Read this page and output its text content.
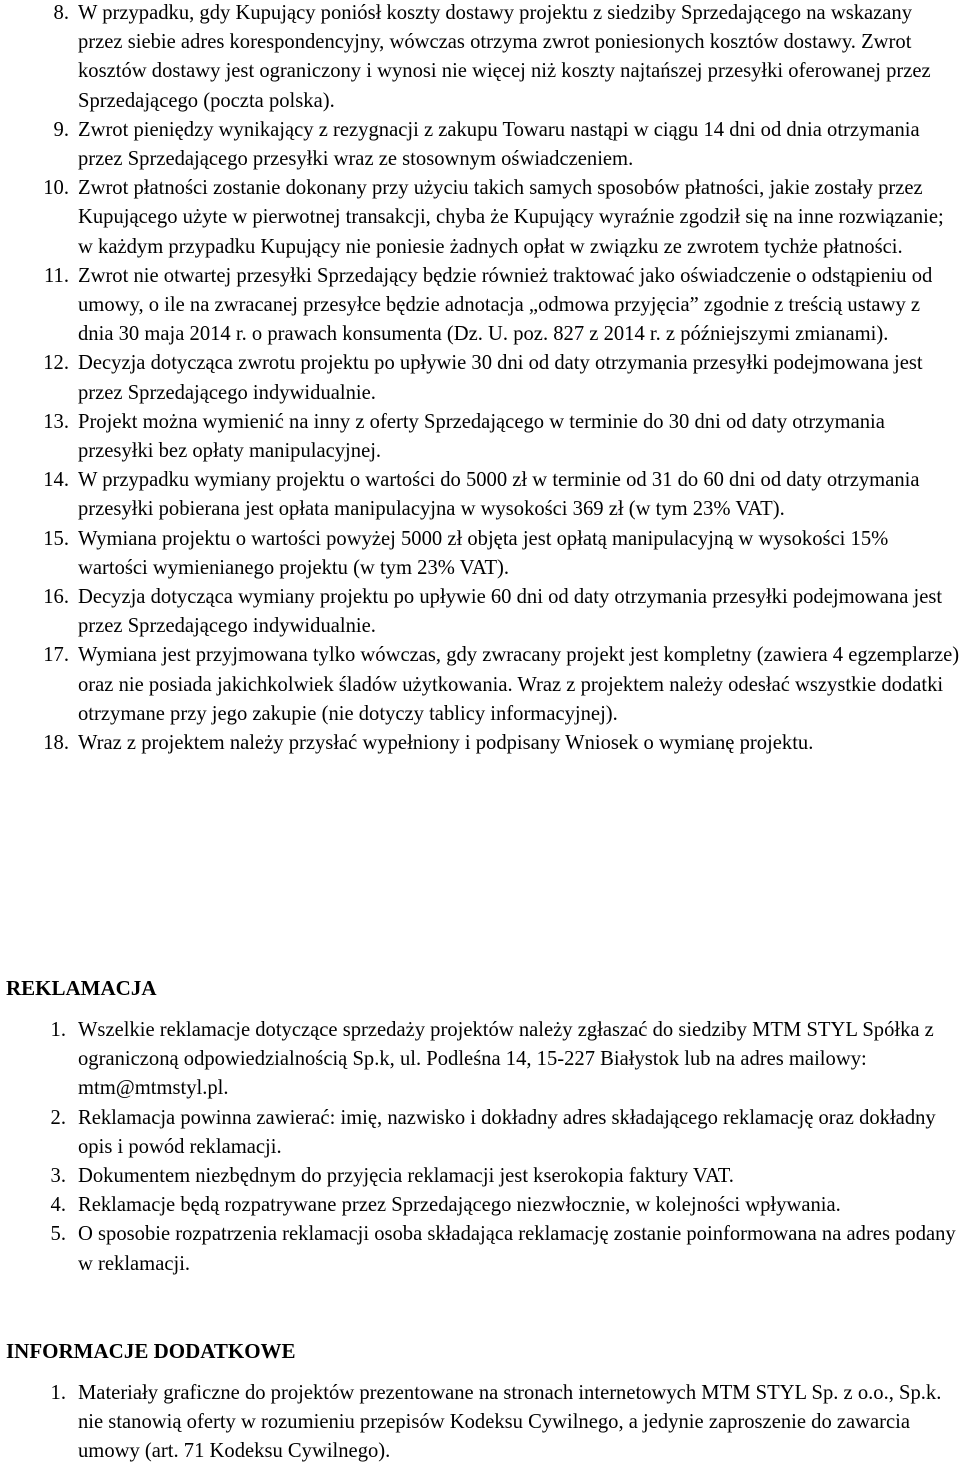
8. W przypadku, gdy Kupujący poniósł koszty dostawy projektu z siedziby Sprzedającego na wskazany przez siebie adres korespondencyjny, wówczas otrzyma zwrot poniesionych kosztów dostawy. Zwrot kosztów dostawy jest ograniczony i wynosi nie więcej niż koszty najtańszej przesyłki oferowanej przez Sprzedającego (poczta polska).
9. Zwrot pieniędzy wynikający z rezygnacji z zakupu Towaru nastąpi w ciągu 14 dni od dnia otrzymania przez Sprzedającego przesyłki wraz ze stosownym oświadczeniem.
10. Zwrot płatności zostanie dokonany przy użyciu takich samych sposobów płatności, jakie zostały przez Kupującego użyte w pierwotnej transakcji, chyba że Kupujący wyraźnie zgodził się na inne rozwiązanie; w każdym przypadku Kupujący nie poniesie żadnych opłat w związku ze zwrotem tychże płatności.
11. Zwrot nie otwartej przesyłki Sprzedający będzie również traktować jako oświadczenie o odstąpieniu od umowy, o ile na zwracanej przesyłce będzie adnotacja „odmowa przyjęcia” zgodnie z treścią ustawy z dnia 30 maja 2014 r. o prawach konsumenta (Dz. U. poz. 827 z 2014 r. z późniejszymi zmianami).
12. Decyzja dotycząca zwrotu projektu po upływie 30 dni od daty otrzymania przesyłki podejmowana jest przez Sprzedającego indywidualnie.
13. Projekt można wymienić na inny z oferty Sprzedającego w terminie do 30 dni od daty otrzymania przesyłki bez opłaty manipulacyjnej.
14. W przypadku wymiany projektu o wartości do 5000 zł w terminie od 31 do 60 dni od daty otrzymania przesyłki pobierana jest opłata manipulacyjna w wysokości 369 zł (w tym 23% VAT).
15. Wymiana projektu o wartości powyżej 5000 zł objęta jest opłatą manipulacyjną w wysokości 15% wartości wymienianego projektu (w tym 23% VAT).
16. Decyzja dotycząca wymiany projektu po upływie 60 dni od daty otrzymania przesyłki podejmowana jest przez Sprzedającego indywidualnie.
17. Wymiana jest przyjmowana tylko wówczas, gdy zwracany projekt jest kompletny (zawiera 4 egzemplarze) oraz nie posiada jakichkolwiek śladów użytkowania. Wraz z projektem należy odesłać wszystkie dodatki otrzymane przy jego zakupie (nie dotyczy tablicy informacyjnej).
18. Wraz z projektem należy przysłać wypełniony i podpisany Wniosek o wymianę projektu.
REKLAMACJA
1. Wszelkie reklamacje dotyczące sprzedaży projektów należy zgłaszać do siedziby MTM STYL Spółka z ograniczoną odpowiedzialnością Sp.k, ul. Podleśna 14, 15-227 Białystok lub na adres mailowy: mtm@mtmstyl.pl.
2. Reklamacja powinna zawierać: imię, nazwisko i dokładny adres składającego reklamację oraz dokładny opis i powód reklamacji.
3. Dokumentem niezbędnym do przyjęcia reklamacji jest kserokopia faktury VAT.
4. Reklamacje będą rozpatrywane przez Sprzedającego niezwłocznie, w kolejności wpływania.
5. O sposobie rozpatrzenia reklamacji osoba składająca reklamację zostanie poinformowana na adres podany w reklamacji.
INFORMACJE DODATKOWE
1. Materiały graficzne do projektów prezentowane na stronach internetowych MTM STYL Sp. z o.o., Sp.k. nie stanowią oferty w rozumieniu przepisów Kodeksu Cywilnego, a jedynie zaproszenie do zawarcia umowy (art. 71 Kodeksu Cywilnego).
